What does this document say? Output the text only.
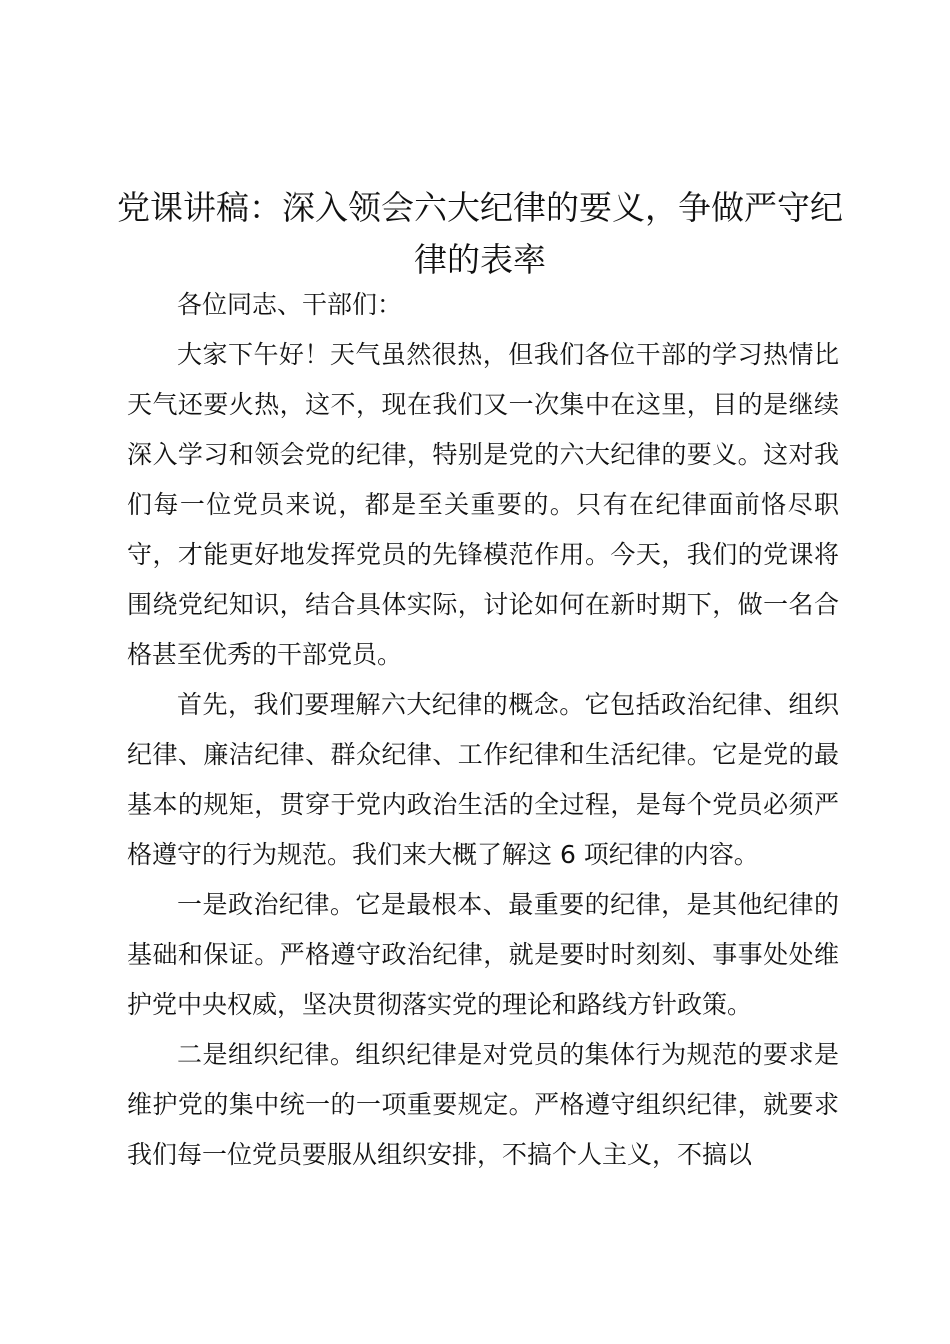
党课讲稿：深入领会六大纪律的要义，争做严守纪律的表率

各位同志、干部们：

大家下午好！天气虽然很热，但我们各位干部的学习热情比天气还要火热，这不，现在我们又一次集中在这里，目的是继续深入学习和领会党的纪律，特别是党的六大纪律的要义。这对我们每一位党员来说，都是至关重要的。只有在纪律面前恪尽职守，才能更好地发挥党员的先锋模范作用。今天，我们的党课将围绕党纪知识，结合具体实际，讨论如何在新时期下，做一名合格甚至优秀的干部党员。

首先，我们要理解六大纪律的概念。它包括政治纪律、组织纪律、廉洁纪律、群众纪律、工作纪律和生活纪律。它是党的最基本的规矩，贯穿于党内政治生活的全过程，是每个党员必须严格遵守的行为规范。我们来大概了解这 6 项纪律的内容。

一是政治纪律。它是最根本、最重要的纪律，是其他纪律的基础和保证。严格遵守政治纪律，就是要时时刻刻、事事处处维护党中央权威，坚决贯彻落实党的理论和路线方针政策。

二是组织纪律。组织纪律是对党员的集体行为规范的要求是维护党的集中统一的一项重要规定。严格遵守组织纪律，就要求我们每一位党员要服从组织安排，不搞个人主义，不搞以
